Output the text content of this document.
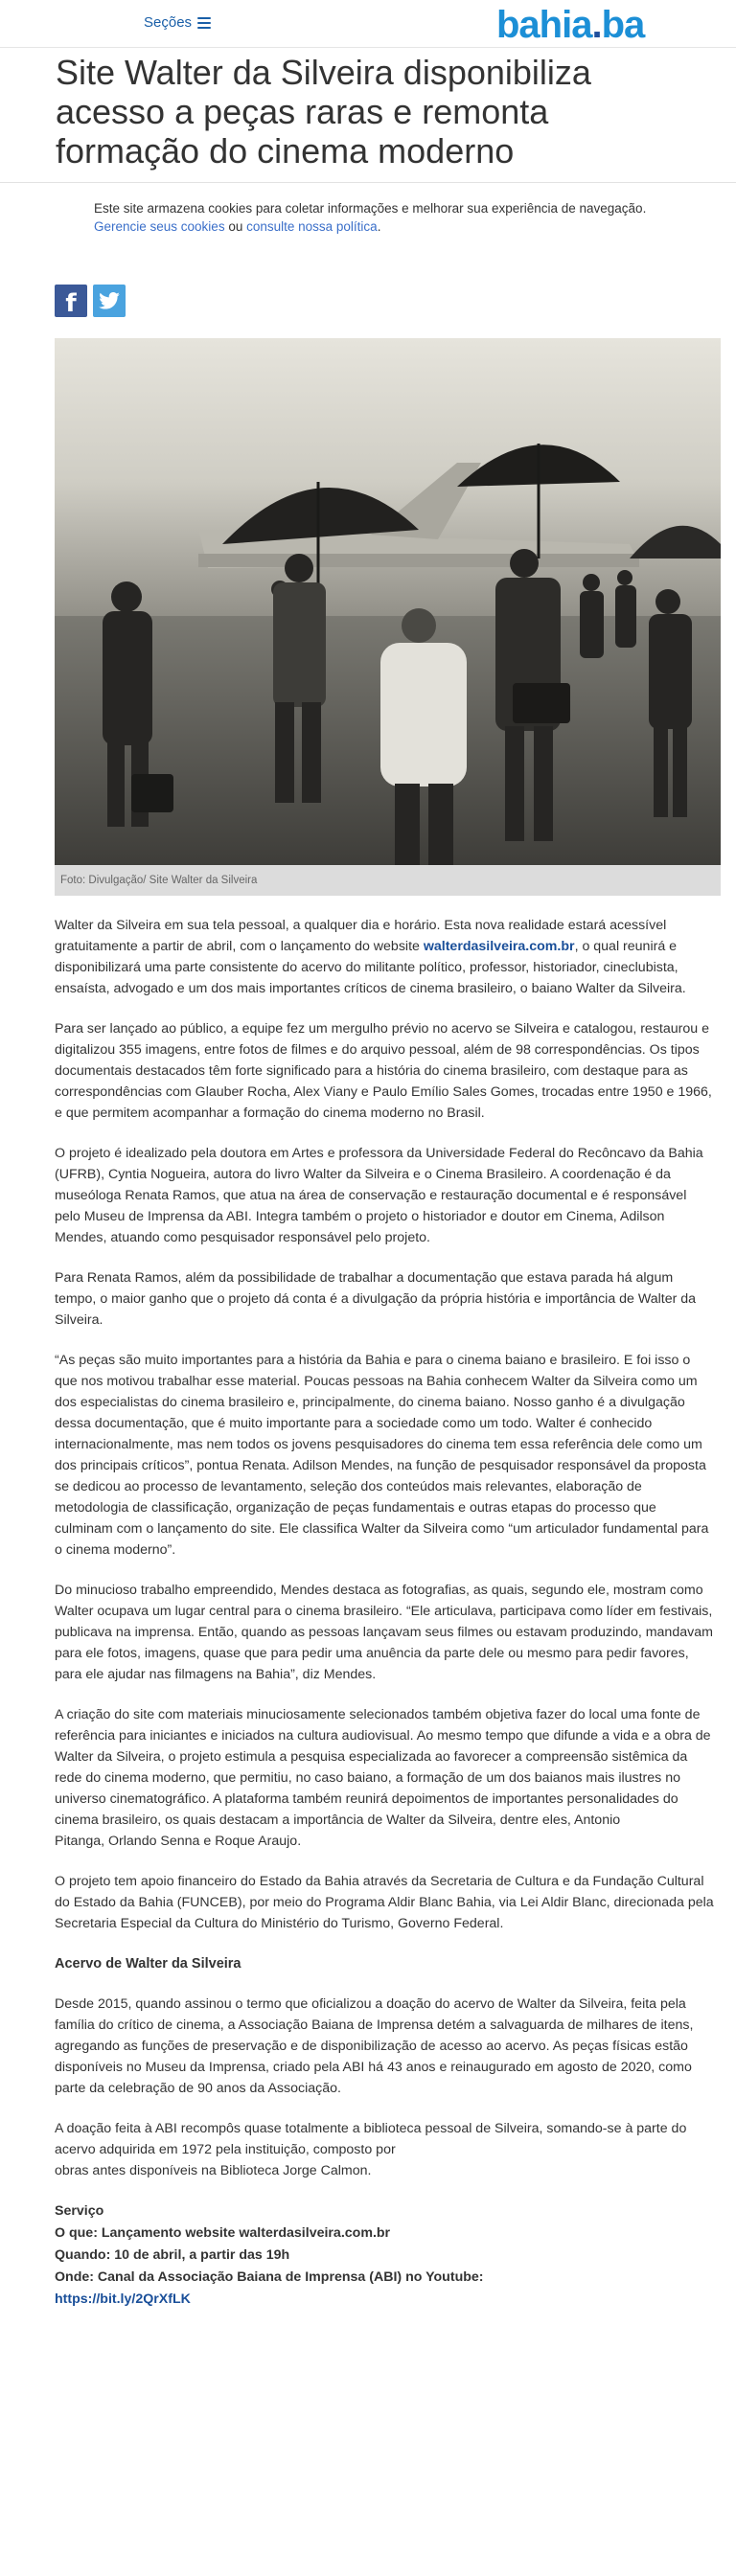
Seções	bahia.ba
Site Walter da Silveira disponibiliza acesso a peças raras e remonta formação do cinema moderno
Este site armazena cookies para coletar informações e melhorar sua experiência de navegação.
Gerencie seus cookies ou consulte nossa política.
f
Foto: Divulgação/ Site Walter da Silveira

Walter da Silveira em sua tela pessoal, a qualquer dia e horário. Esta nova realidade estará acessível gratuitamente a partir de abril, com o lançamento do website walterdasilveira.com.br, o qual reunirá e disponibilizará uma parte consistente do acervo do militante político, professor, historiador, cineclubista, ensaísta, advogado e um dos mais importantes críticos de cinema brasileiro, o baiano Walter da Silveira.

Para ser lançado ao público, a equipe fez um mergulho prévio no acervo se Silveira e catalogou, restaurou e digitalizou 355 imagens, entre fotos de filmes e do arquivo pessoal, além de 98 correspondências. Os tipos documentais destacados têm forte significado para a história do cinema brasileiro, com destaque para as correspondências com Glauber Rocha, Alex Viany e Paulo Emílio Sales Gomes, trocadas entre 1950 e 1966, e que permitem acompanhar a formação do cinema moderno no Brasil.

O projeto é idealizado pela doutora em Artes e professora da Universidade Federal do Recôncavo da Bahia (UFRB), Cyntia Nogueira, autora do livro Walter da Silveira e o Cinema Brasileiro. A coordenação é da museóloga Renata Ramos, que atua na área de conservação e restauração documental e é responsável pelo Museu de Imprensa da ABI. Integra também o projeto o historiador e doutor em Cinema, Adilson Mendes, atuando como pesquisador responsável pelo projeto.

Para Renata Ramos, além da possibilidade de trabalhar a documentação que estava parada há algum tempo, o maior ganho que o projeto dá conta é a divulgação da própria história e importância de Walter da Silveira.

“As peças são muito importantes para a história da Bahia e para o cinema baiano e brasileiro. E foi isso o que nos motivou trabalhar esse material. Poucas pessoas na Bahia conhecem Walter da Silveira como um dos especialistas do cinema brasileiro e, principalmente, do cinema baiano. Nosso ganho é a divulgação dessa documentação, que é muito importante para a sociedade como um todo. Walter é conhecido internacionalmente, mas nem todos os jovens pesquisadores do cinema tem essa referência dele como um dos principais críticos”, pontua Renata. Adilson Mendes, na função de pesquisador responsável da proposta se dedicou ao processo de levantamento, seleção dos conteúdos mais relevantes, elaboração de metodologia de classificação, organização de peças fundamentais e outras etapas do processo que culminam com o lançamento do site. Ele classifica Walter da Silveira como “um articulador fundamental para o cinema moderno”.

Do minucioso trabalho empreendido, Mendes destaca as fotografias, as quais, segundo ele, mostram como Walter ocupava um lugar central para o cinema brasileiro. “Ele articulava, participava como líder em festivais, publicava na imprensa. Então, quando as pessoas lançavam seus filmes ou estavam produzindo, mandavam para ele fotos, imagens, quase que para pedir uma anuência da parte dele ou mesmo para pedir favores, para ele ajudar nas filmagens na Bahia”, diz Mendes.

A criação do site com materiais minuciosamente selecionados também objetiva fazer do local uma fonte de referência para iniciantes e iniciados na cultura audiovisual. Ao mesmo tempo que difunde a vida e a obra de Walter da Silveira, o projeto estimula a pesquisa especializada ao favorecer a compreensão sistêmica da rede do cinema moderno, que permitiu, no caso baiano, a formação de um dos baianos mais ilustres no universo cinematográfico. A plataforma também reunirá depoimentos de importantes personalidades do cinema brasileiro, os quais destacam a importância de Walter da Silveira, dentre eles, Antonio
Pitanga, Orlando Senna e Roque Araujo.

O projeto tem apoio financeiro do Estado da Bahia através da Secretaria de Cultura e da Fundação Cultural do Estado da Bahia (FUNCEB), por meio do Programa Aldir Blanc Bahia, via Lei Aldir Blanc, direcionada pela Secretaria Especial da Cultura do Ministério do Turismo, Governo Federal.

Acervo de Walter da Silveira

Desde 2015, quando assinou o termo que oficializou a doação do acervo de Walter da Silveira, feita pela família do crítico de cinema, a Associação Baiana de Imprensa detém a salvaguarda de milhares de itens, agregando as funções de preservação e de disponibilização de acesso ao acervo. As peças físicas estão disponíveis no Museu da Imprensa, criado pela ABI há 43 anos e reinaugurado em agosto de 2020, como parte da celebração de 90 anos da Associação.

A doação feita à ABI recompôs quase totalmente a biblioteca pessoal de Silveira, somando-se à parte do acervo adquirida em 1972 pela instituição, composto por
obras antes disponíveis na Biblioteca Jorge Calmon.

Serviço
O que: Lançamento website walterdasilveira.com.br
Quando: 10 de abril, a partir das 19h
Onde: Canal da Associação Baiana de Imprensa (ABI) no Youtube:
https://bit.ly/2QrXfLK
